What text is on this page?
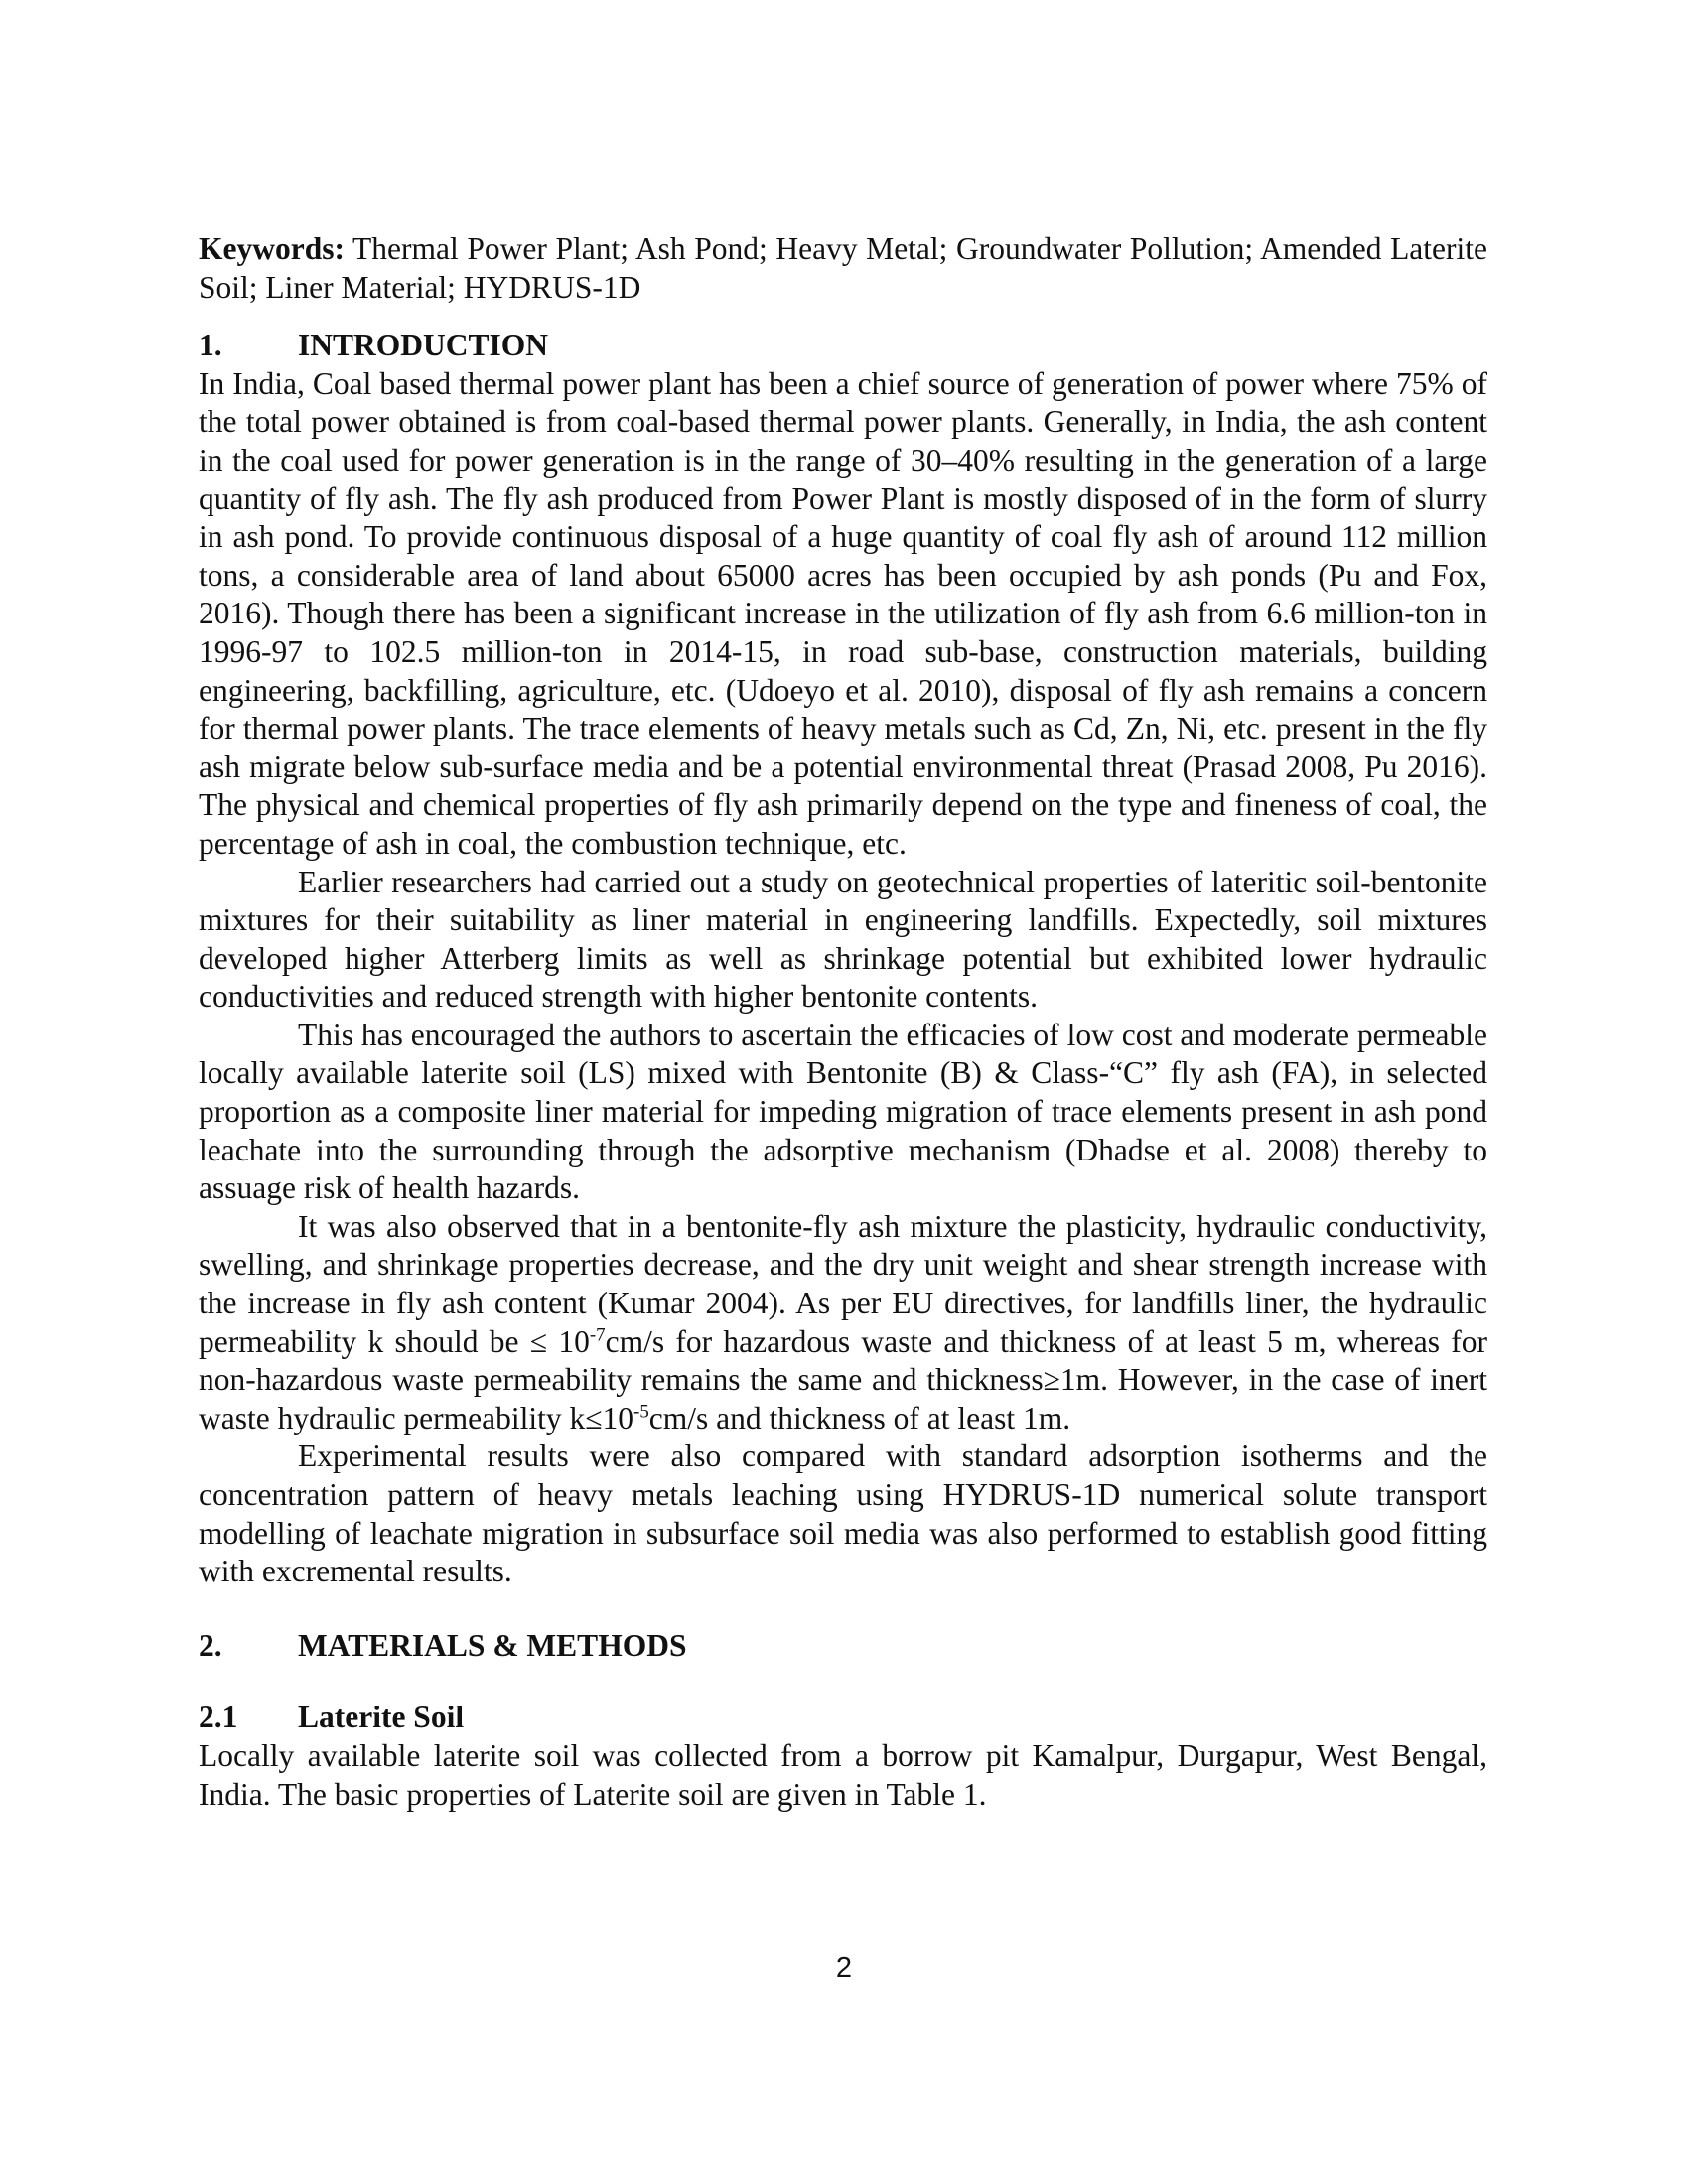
Keywords: Thermal Power Plant; Ash Pond; Heavy Metal; Groundwater Pollution; Amended Laterite Soil; Liner Material; HYDRUS-1D

1.	INTRODUCTION

In India, Coal based thermal power plant has been a chief source of generation of power where 75% of the total power obtained is from coal-based thermal power plants. Generally, in India, the ash content in the coal used for power generation is in the range of 30–40% resulting in the generation of a large quantity of fly ash. The fly ash produced from Power Plant is mostly disposed of in the form of slurry in ash pond. To provide continuous disposal of a huge quantity of coal fly ash of around 112 million tons, a considerable area of land about 65000 acres has been occupied by ash ponds (Pu and Fox, 2016). Though there has been a significant increase in the utilization of fly ash from 6.6 million-ton in 1996-97 to 102.5 million-ton in 2014-15, in road sub-base, construction materials, building engineering, backfilling, agriculture, etc. (Udoeyo et al. 2010), disposal of fly ash remains a concern for thermal power plants. The trace elements of heavy metals such as Cd, Zn, Ni, etc. present in the fly ash migrate below sub-surface media and be a potential environmental threat (Prasad 2008, Pu 2016). The physical and chemical properties of fly ash primarily depend on the type and fineness of coal, the percentage of ash in coal, the combustion technique, etc.

Earlier researchers had carried out a study on geotechnical properties of lateritic soil-bentonite mixtures for their suitability as liner material in engineering landfills. Expectedly, soil mixtures developed higher Atterberg limits as well as shrinkage potential but exhibited lower hydraulic conductivities and reduced strength with higher bentonite contents.

This has encouraged the authors to ascertain the efficacies of low cost and moderate permeable locally available laterite soil (LS) mixed with Bentonite (B) & Class-“C” fly ash (FA), in selected proportion as a composite liner material for impeding migration of trace elements present in ash pond leachate into the surrounding through the adsorptive mechanism (Dhadse et al. 2008) thereby to assuage risk of health hazards.

It was also observed that in a bentonite-fly ash mixture the plasticity, hydraulic conductivity, swelling, and shrinkage properties decrease, and the dry unit weight and shear strength increase with the increase in fly ash content (Kumar 2004). As per EU directives, for landfills liner, the hydraulic permeability k should be ≤ $10^{-7}cm/s$ for hazardous waste and thickness of at least 5 m, whereas for non-hazardous waste permeability remains the same and thickness≥1m. However, in the case of inert waste hydraulic permeability $k\le 10^{-5}cm/s$ and thickness of at least 1m.

Experimental results were also compared with standard adsorption isotherms and the concentration pattern of heavy metals leaching using HYDRUS-1D numerical solute transport modelling of leachate migration in subsurface soil media was also performed to establish good fitting with excremental results.

2.	MATERIALS & METHODS
2.1	Laterite Soil

Locally available laterite soil was collected from a borrow pit Kamalpur, Durgapur, West Bengal, India. The basic properties of Laterite soil are given in Table 1.

2
